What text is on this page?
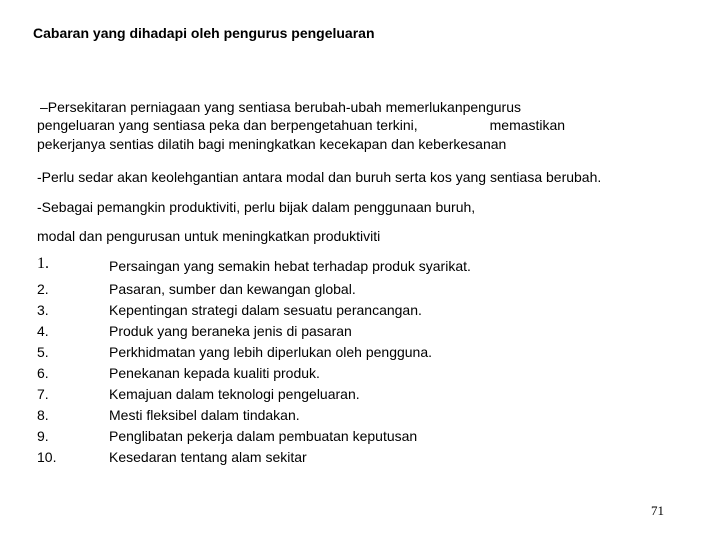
Cabaran yang dihadapi oleh pengurus pengeluaran
–Persekitaran perniagaan yang sentiasa berubah-ubah memerlukanpengurus
pengeluaran yang sentiasa peka dan berpengetahuan terkini,	memastikan
pekerjanya sentias dilatih bagi meningkatkan kecekapan dan keberkesanan
-Perlu sedar akan keolehgantian antara modal dan buruh serta kos yang sentiasa berubah.
-Sebagai pemangkin produktiviti, perlu bijak dalam penggunaan buruh,
modal dan pengurusan untuk meningkatkan produktiviti
1.	Persaingan yang semakin hebat terhadap produk syarikat.
2.	Pasaran, sumber dan kewangan global.
3.	Kepentingan strategi dalam sesuatu perancangan.
4.	Produk yang beraneka jenis di pasaran
5.	Perkhidmatan yang lebih diperlukan oleh pengguna.
6.	Penekanan kepada kualiti produk.
7.	Kemajuan dalam teknologi pengeluaran.
8.	Mesti fleksibel dalam tindakan.
9.	Penglibatan pekerja dalam pembuatan keputusan
10.	Kesedaran tentang alam sekitar
71
